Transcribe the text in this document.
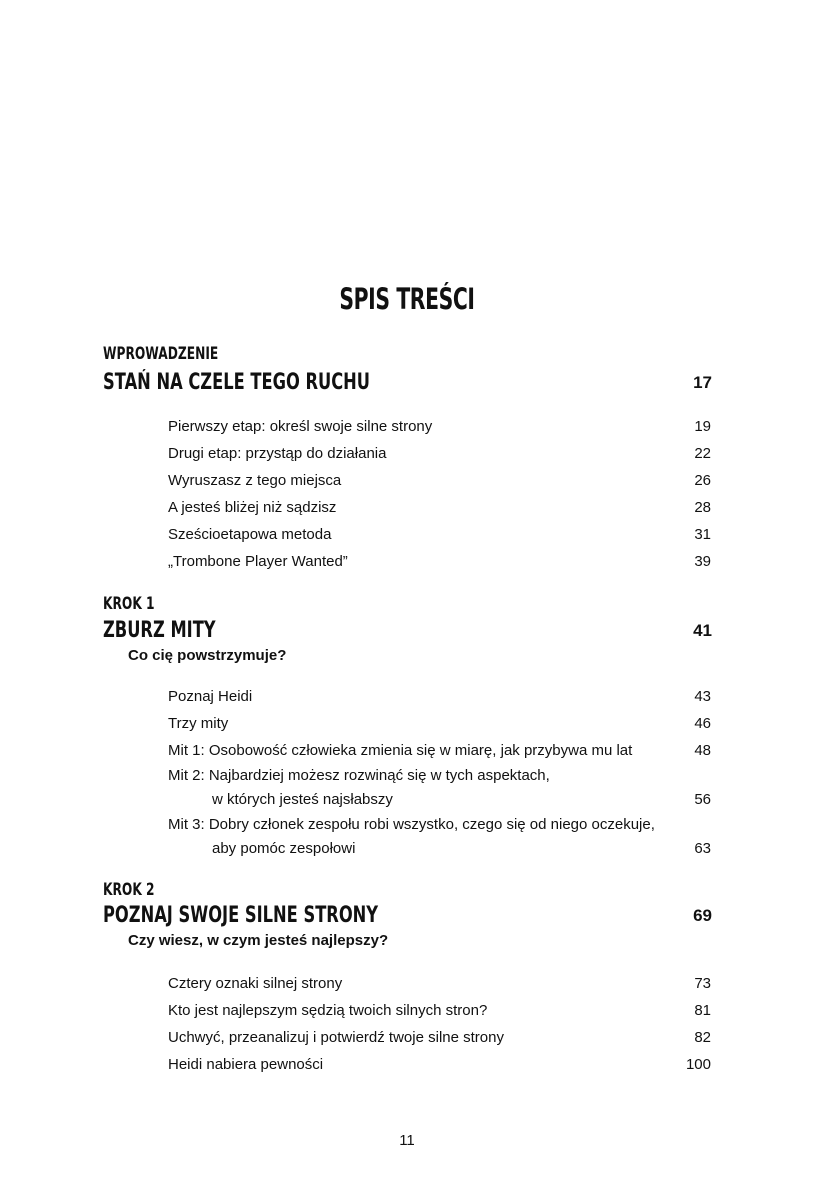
SPIS TREŚCI
WPROWADZENIE
STAŃ NA CZELE TEGO RUCHU	17
Pierwszy etap: określ swoje silne strony	19
Drugi etap: przystąp do działania	22
Wyruszasz z tego miejsca	26
A jesteś bliżej niż sądzisz	28
Sześcioetapowa metoda	31
„Trombone Player Wanted”	39
KROK 1
ZBURZ MITY	41
Co cię powstrzymuje?
Poznaj Heidi	43
Trzy mity	46
Mit 1: Osobowość człowieka zmienia się w miarę, jak przybywa mu lat	48
Mit 2: Najbardziej możesz rozwinąć się w tych aspektach,
w których jesteś najsłabszy	56
Mit 3: Dobry członek zespołu robi wszystko, czego się od niego oczekuje,
aby pomóc zespołowi	63
KROK 2
POZNAJ SWOJE SILNE STRONY	69
Czy wiesz, w czym jesteś najlepszy?
Cztery oznaki silnej strony	73
Kto jest najlepszym sędzią twoich silnych stron?	81
Uchwyć, przeanalizuj i potwierdź twoje silne strony	82
Heidi nabiera pewności	100
11
